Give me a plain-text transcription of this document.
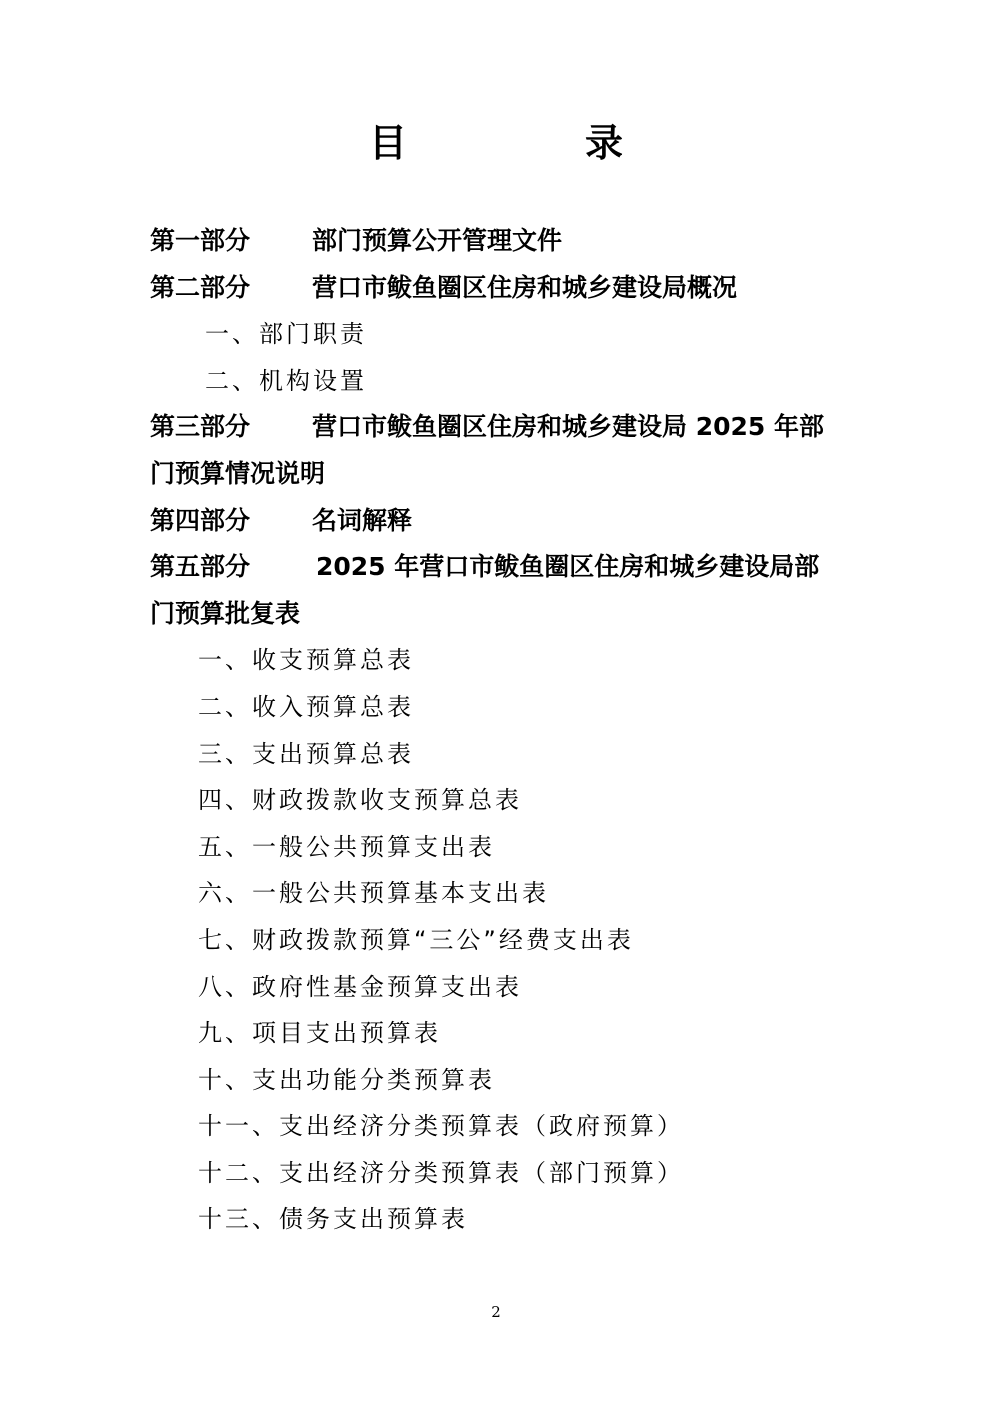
目　录
第一部分 部门预算公开管理文件
第二部分 营口市鲅鱼圈区住房和城乡建设局概况
一、部门职责
二、机构设置
第三部分 营口市鲅鱼圈区住房和城乡建设局 2025 年部
门预算情况说明
第四部分 名词解释
第五部分	2025 年营口市鲅鱼圈区住房和城乡建设局部
门预算批复表
一、收支预算总表
二、收入预算总表
三、支出预算总表
四、财政拨款收支预算总表
五、一般公共预算支出表
六、一般公共预算基本支出表
七、财政拨款预算“三公”经费支出表
八、政府性基金预算支出表
九、项目支出预算表
十、支出功能分类预算表
十一、支出经济分类预算表（政府预算）
十二、支出经济分类预算表（部门预算）
十三、债务支出预算表
2
